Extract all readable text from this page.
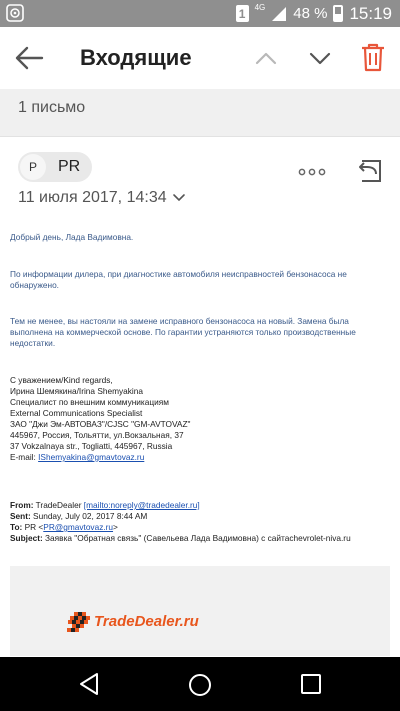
1	4G 48 % 15:19
Входящие
1 письмо
P	PR
11 июля 2017, 14:34

Добрый день, Лада Вадимовна.

По информации дилера, при диагностике автомобиля неисправностей бензонасоса не обнаружено.

Тем не менее, вы настояли на замене исправного бензонасоса на новый. Замена была выполнена на коммерческой основе. По гарантии устраняются только производственные недостатки.

С уважением/Kind regards,

Ирина Шемякина/Irina Shemyakina

Специалист по внешним коммуникациям

External Communications Specialist

ЗАО "Джи Эм-АВТОВАЗ"/CJSC "GM-AVTOVAZ"

445967, Россия, Тольятти, ул.Вокзальная, 37

37 Vokzalnaya str., Togliatti, 445967, Russia

E-mail: IShemyakina@gmavtovaz.ru

From: TradeDealer [mailto:noreply@tradedealer.ru]

Sent: Sunday, July 02, 2017 8:44 AM

To: PR <PR@gmavtovaz.ru>

Subject: Заявка "Обратная связь" (Савельева Лада Вадимовна) с сайтаchevrolet-niva.ru

TradeDealer.ru
